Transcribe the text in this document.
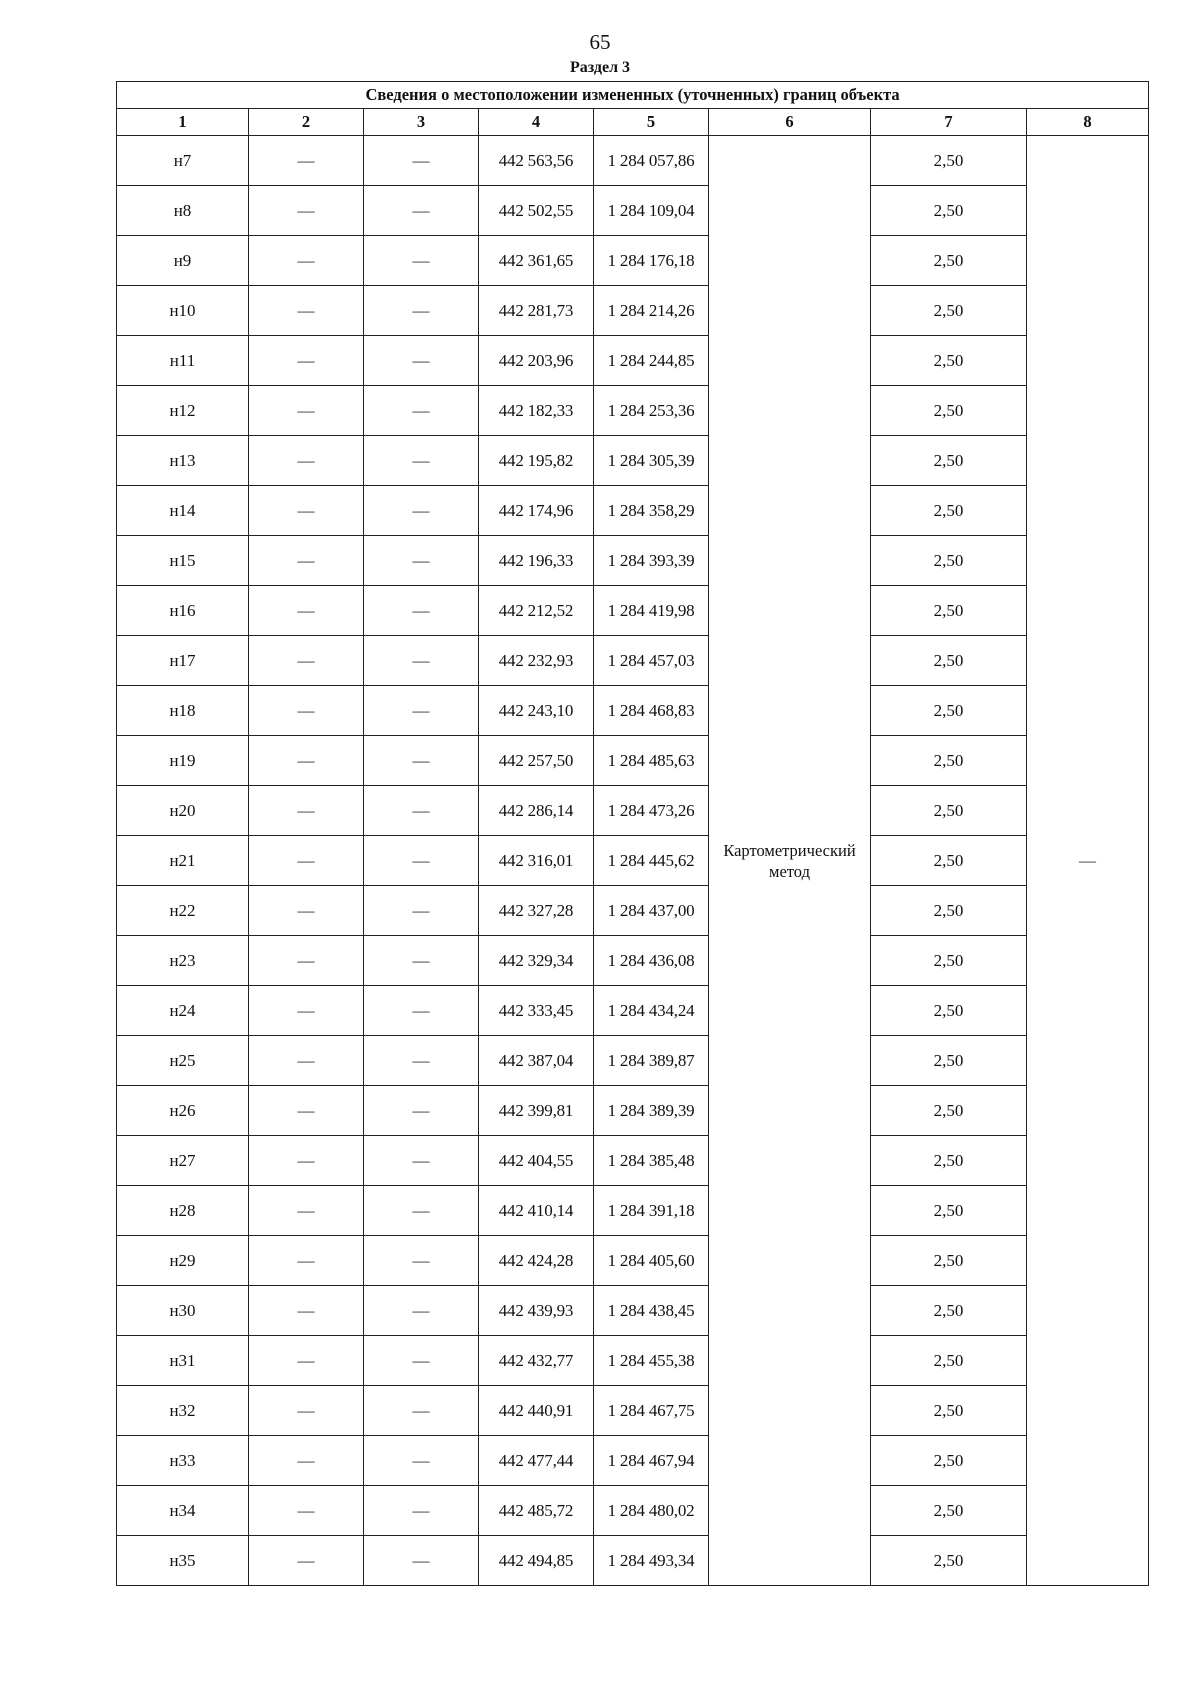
65
Раздел 3
Сведения о местоположении измененных (уточненных) границ объекта							
1	2	3	4	5	6	7	8
н7	—	—	442 563,56	1 284 057,86	Картометрический метод	2,50	—
н8	—	—	442 502,55	1 284 109,04		2,50	
н9	—	—	442 361,65	1 284 176,18		2,50	
н10	—	—	442 281,73	1 284 214,26		2,50	
н11	—	—	442 203,96	1 284 244,85		2,50	
н12	—	—	442 182,33	1 284 253,36		2,50	
н13	—	—	442 195,82	1 284 305,39		2,50	
н14	—	—	442 174,96	1 284 358,29		2,50	
н15	—	—	442 196,33	1 284 393,39		2,50	
н16	—	—	442 212,52	1 284 419,98		2,50	
н17	—	—	442 232,93	1 284 457,03		2,50	
н18	—	—	442 243,10	1 284 468,83		2,50	
н19	—	—	442 257,50	1 284 485,63		2,50	
н20	—	—	442 286,14	1 284 473,26		2,50	
н21	—	—	442 316,01	1 284 445,62		2,50	
н22	—	—	442 327,28	1 284 437,00		2,50	
н23	—	—	442 329,34	1 284 436,08		2,50	
н24	—	—	442 333,45	1 284 434,24		2,50	
н25	—	—	442 387,04	1 284 389,87		2,50	
н26	—	—	442 399,81	1 284 389,39		2,50	
н27	—	—	442 404,55	1 284 385,48		2,50	
н28	—	—	442 410,14	1 284 391,18		2,50	
н29	—	—	442 424,28	1 284 405,60		2,50	
н30	—	—	442 439,93	1 284 438,45		2,50	
н31	—	—	442 432,77	1 284 455,38		2,50	
н32	—	—	442 440,91	1 284 467,75		2,50	
н33	—	—	442 477,44	1 284 467,94		2,50	
н34	—	—	442 485,72	1 284 480,02		2,50	
н35	—	—	442 494,85	1 284 493,34		2,50	
